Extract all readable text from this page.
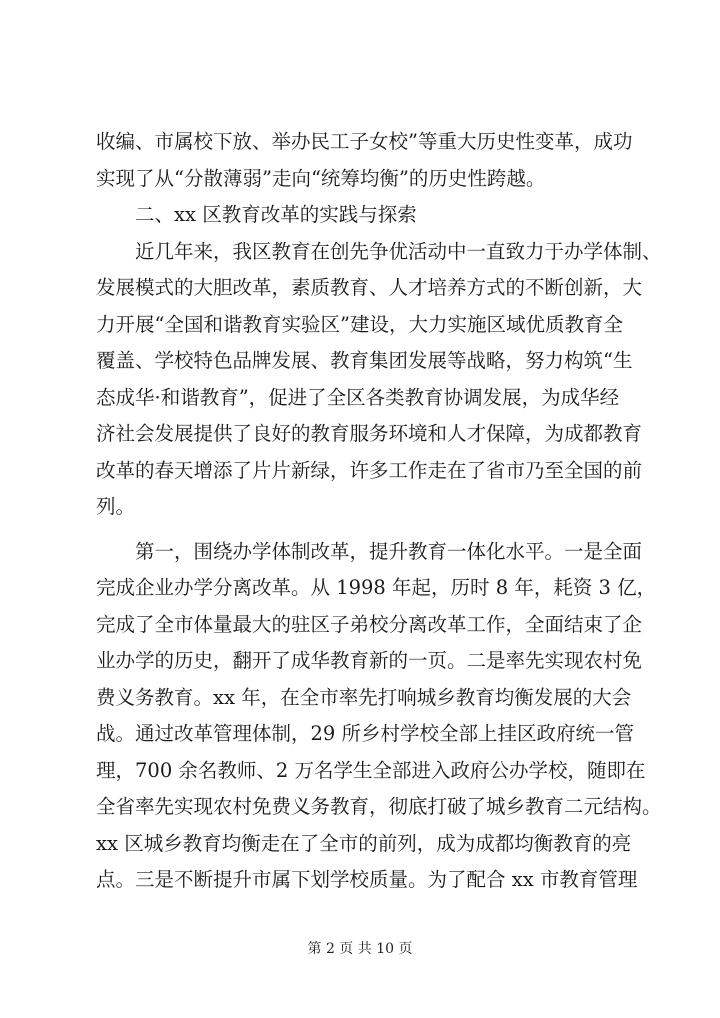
收编、市属校下放、举办民工子女校”等重大历史性变革，成功
实现了从“分散薄弱”走向“统筹均衡”的历史性跨越。
　　二、xx 区教育改革的实践与探索
　　近几年来，我区教育在创先争优活动中一直致力于办学体制、
发展模式的大胆改革，素质教育、人才培养方式的不断创新，大
力开展“全国和谐教育实验区”建设，大力实施区域优质教育全
覆盖、学校特色品牌发展、教育集团发展等战略，努力构筑“生
态成华·和谐教育”，促进了全区各类教育协调发展，为成华经
济社会发展提供了良好的教育服务环境和人才保障，为成都教育
改革的春天增添了片片新绿，许多工作走在了省市乃至全国的前
列。
　　第一，围绕办学体制改革，提升教育一体化水平。一是全面
完成企业办学分离改革。从 1998 年起，历时 8 年，耗资 3 亿，
完成了全市体量最大的驻区子弟校分离改革工作，全面结束了企
业办学的历史，翻开了成华教育新的一页。二是率先实现农村免
费义务教育。xx 年，在全市率先打响城乡教育均衡发展的大会
战。通过改革管理体制，29 所乡村学校全部上挂区政府统一管
理，700 余名教师、2 万名学生全部进入政府公办学校，随即在
全省率先实现农村免费义务教育，彻底打破了城乡教育二元结构。
xx 区城乡教育均衡走在了全市的前列，成为成都均衡教育的亮
点。三是不断提升市属下划学校质量。为了配合 xx 市教育管理
第 2 页 共 10 页
